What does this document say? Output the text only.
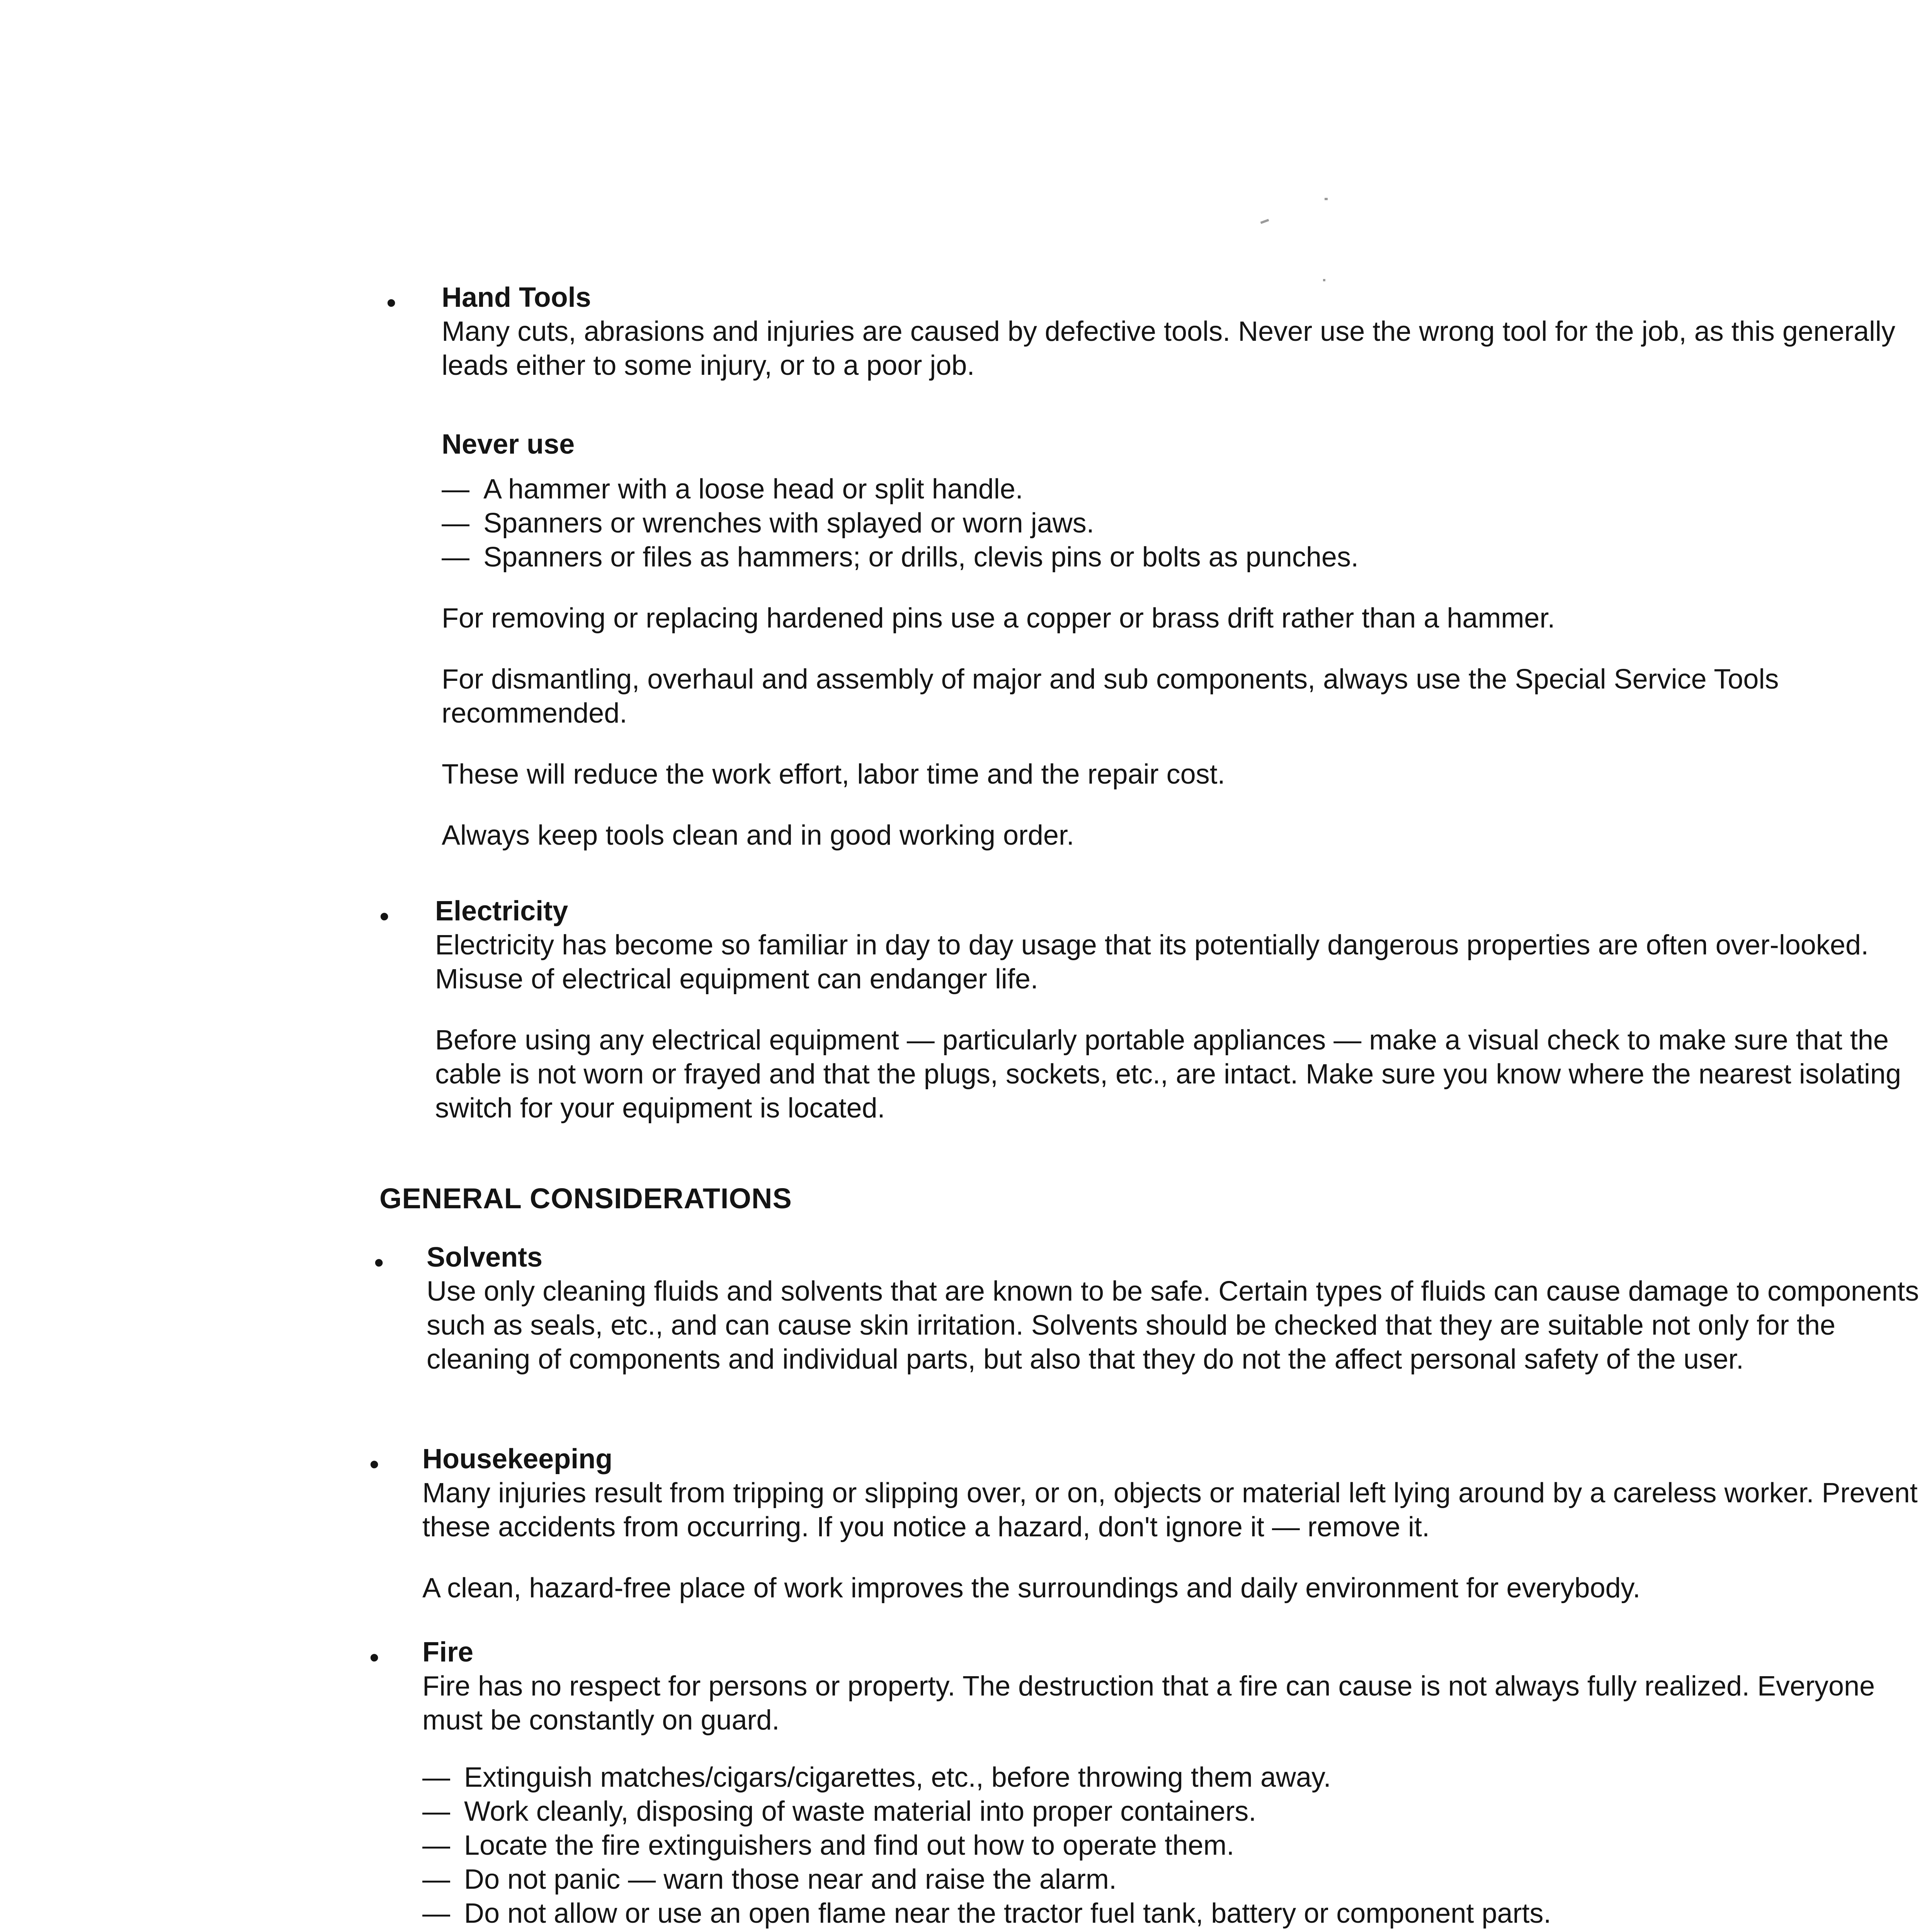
• Hand Tools

Many cuts, abrasions and injuries are caused by defective tools. Never use the wrong tool for the job, as this generally leads either to some injury, or to a poor job.

Never use

— A hammer with a loose head or split handle.
— Spanners or wrenches with splayed or worn jaws.
— Spanners or files as hammers; or drills, clevis pins or bolts as punches.

For removing or replacing hardened pins use a copper or brass drift rather than a hammer.

For dismantling, overhaul and assembly of major and sub components, always use the Special Service Tools recommended.

These will reduce the work effort, labor time and the repair cost.

Always keep tools clean and in good working order.

• Electricity

Electricity has become so familiar in day to day usage that its potentially dangerous properties are often over-looked. Misuse of electrical equipment can endanger life.

Before using any electrical equipment — particularly portable appliances — make a visual check to make sure that the cable is not worn or frayed and that the plugs, sockets, etc., are intact. Make sure you know where the nearest isolating switch for your equipment is located.

GENERAL CONSIDERATIONS

• Solvents

Use only cleaning fluids and solvents that are known to be safe. Certain types of fluids can cause damage to components such as seals, etc., and can cause skin irritation. Solvents should be checked that they are suitable not only for the cleaning of components and individual parts, but also that they do not the affect personal safety of the user.

• Housekeeping

Many injuries result from tripping or slipping over, or on, objects or material left lying around by a careless worker. Prevent these accidents from occurring. If you notice a hazard, don't ignore it — remove it.

A clean, hazard-free place of work improves the surroundings and daily environment for everybody.

• Fire

Fire has no respect for persons or property. The destruction that a fire can cause is not always fully realized. Everyone must be constantly on guard.

— Extinguish matches/cigars/cigarettes, etc., before throwing them away.
— Work cleanly, disposing of waste material into proper containers.
— Locate the fire extinguishers and find out how to operate them.
— Do not panic — warn those near and raise the alarm.
— Do not allow or use an open flame near the tractor fuel tank, battery or component parts.
